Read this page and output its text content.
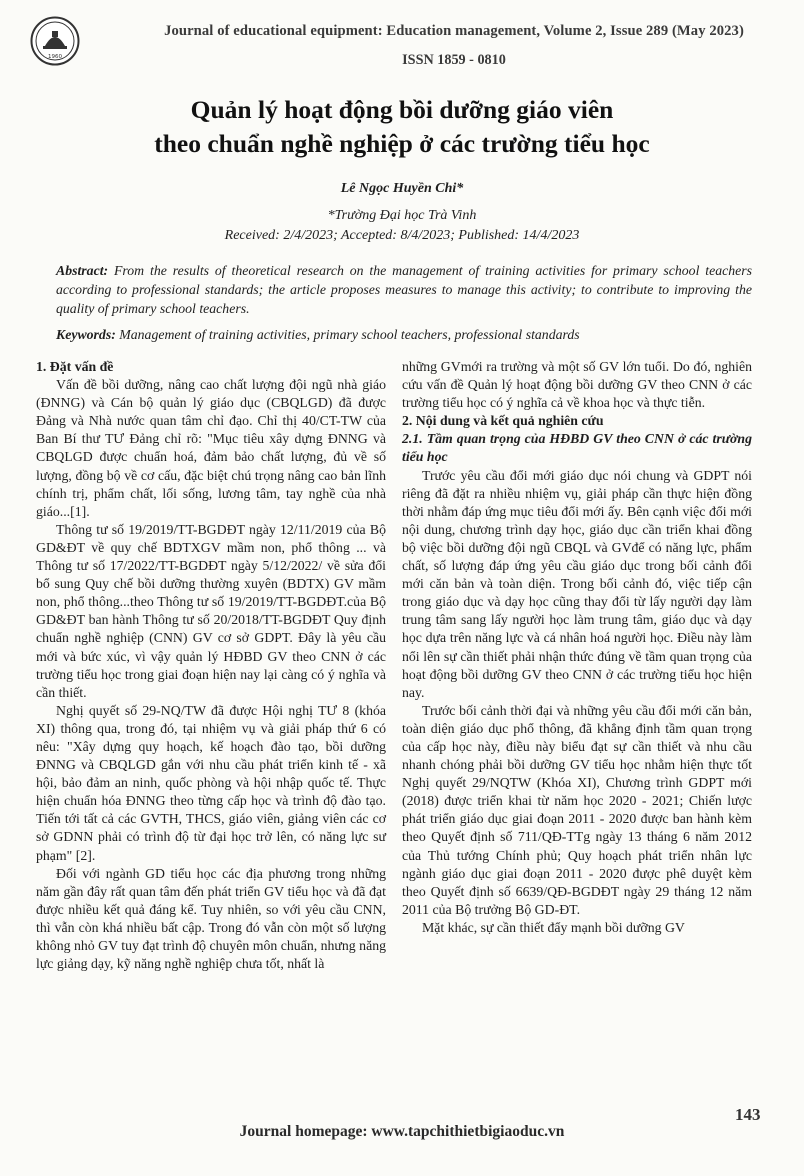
1960
Journal of educational equipment: Education management, Volume 2, Issue 289 (May 2023)
ISSN 1859 - 0810
Quản lý hoạt động bồi dưỡng giáo viên
theo chuẩn nghề nghiệp ở các trường tiểu học
Lê Ngọc Huyền Chi*
*Trường Đại học Trà Vinh
Received: 2/4/2023; Accepted: 8/4/2023; Published: 14/4/2023
Abstract: From the results of theoretical research on the management of training activities for primary school teachers according to professional standards; the article proposes measures to manage this activity; to contribute to improving the quality of primary school teachers.
Keywords: Management of training activities, primary school teachers, professional standards

1. Đặt vấn đề

Vấn đề bồi dưỡng, nâng cao chất lượng đội ngũ nhà giáo (ĐNNG) và Cán bộ quản lý giáo dục (CBQLGD) đã được Đảng và Nhà nước quan tâm chỉ đạo. Chỉ thị 40/CT-TW của Ban Bí thư TƯ Đảng chỉ rõ: "Mục tiêu xây dựng ĐNNG và CBQLGD được chuẩn hoá, đảm bảo chất lượng, đủ về số lượng, đồng bộ về cơ cấu, đặc biệt chú trọng nâng cao bản lĩnh chính trị, phẩm chất, lối sống, lương tâm, tay nghề của nhà giáo...[1].

Thông tư số 19/2019/TT-BGDĐT ngày 12/11/2019 của Bộ GD&ĐT về quy chế BDTXGV mầm non, phổ thông ... và Thông tư số 17/2022/TT-BGDĐT ngày 5/12/2022/ về sửa đổi bổ sung Quy chế bồi dưỡng thường xuyên (BDTX) GV mầm non, phổ thông...theo Thông tư số 19/2019/TT-BGDĐT.của Bộ GD&ĐT ban hành Thông tư số 20/2018/TT-BGDĐT Quy định chuẩn nghề nghiệp (CNN) GV cơ sở GDPT. Đây là yêu cầu mới và bức xúc, vì vậy quản lý HĐBD GV theo CNN ở các trường tiểu học trong giai đoạn hiện nay lại càng có ý nghĩa và cần thiết.

Nghị quyết số 29-NQ/TW đã được Hội nghị TƯ 8 (khóa XI) thông qua, trong đó, tại nhiệm vụ và giải pháp thứ 6 có nêu: "Xây dựng quy hoạch, kế hoạch đào tạo, bồi dưỡng ĐNNG và CBQLGD gắn với nhu cầu phát triển kinh tế - xã hội, bảo đảm an ninh, quốc phòng và hội nhập quốc tế. Thực hiện chuẩn hóa ĐNNG theo từng cấp học và trình độ đào tạo. Tiến tới tất cả các GVTH, THCS, giáo viên, giảng viên các cơ sở GDNN phải có trình độ từ đại học trở lên, có năng lực sư phạm" [2].

Đối với ngành GD tiểu học các địa phương trong những năm gần đây rất quan tâm đến phát triển GV tiểu học và đã đạt được nhiều kết quả đáng kể. Tuy nhiên, so với yêu cầu CNN, thì vẫn còn khá nhiều bất cập. Trong đó vẫn còn một số lượng không nhỏ GV tuy đạt trình độ chuyên môn chuẩn, nhưng năng lực giảng dạy, kỹ năng nghề nghiệp chưa tốt, nhất là

những GVmới ra trường và một số GV lớn tuổi. Do đó, nghiên cứu vấn đề Quản lý hoạt động bồi dưỡng GV theo CNN ở các trường tiểu học có ý nghĩa cả về khoa học và thực tiễn.

2. Nội dung và kết quả nghiên cứu

2.1. Tầm quan trọng của HĐBD GV theo CNN ở các trường tiểu học

Trước yêu cầu đổi mới giáo dục nói chung và GDPT nói riêng đã đặt ra nhiều nhiệm vụ, giải pháp cần thực hiện đồng thời nhằm đáp ứng mục tiêu đổi mới ấy. Bên cạnh việc đổi mới nội dung, chương trình dạy học, giáo dục cần triển khai đồng bộ việc bồi dưỡng đội ngũ CBQL và GVđể có năng lực, phẩm chất, số lượng đáp ứng yêu cầu giáo dục trong bối cảnh đổi mới căn bản và toàn diện. Trong bối cảnh đó, việc tiếp cận trong giáo dục và dạy học cũng thay đổi từ lấy người dạy làm trung tâm sang lấy người học làm trung tâm, giáo dục và dạy học dựa trên năng lực và cá nhân hoá người học. Điều này làm nổi lên sự cần thiết phải nhận thức đúng về tầm quan trọng của hoạt động bồi dưỡng GV theo CNN ở các trường tiểu học hiện nay.

Trước bối cảnh thời đại và những yêu cầu đổi mới căn bản, toàn diện giáo dục phổ thông, đã khẳng định tầm quan trọng của cấp học này, điều này biểu đạt sự cần thiết và nhu cầu nhanh chóng phải bồi dưỡng GV tiểu học nhằm hiện thực tốt Nghị quyết 29/NQTW (Khóa XI), Chương trình GDPT mới (2018) được triển khai từ năm học 2020 - 2021; Chiến lược phát triển giáo dục giai đoạn 2011 - 2020 được ban hành kèm theo Quyết định số 711/QĐ-TTg ngày 13 tháng 6 năm 2012 của Thủ tướng Chính phủ; Quy hoạch phát triển nhân lực ngành giáo dục giai đoạn 2011 - 2020 được phê duyệt kèm theo Quyết định số 6639/QĐ-BGDĐT ngày 29 tháng 12 năm 2011 của Bộ trưởng Bộ GD-ĐT.

Mặt khác, sự cần thiết đẩy mạnh bồi dưỡng GV

143
Journal homepage: www.tapchithietbigiaoduc.vn
